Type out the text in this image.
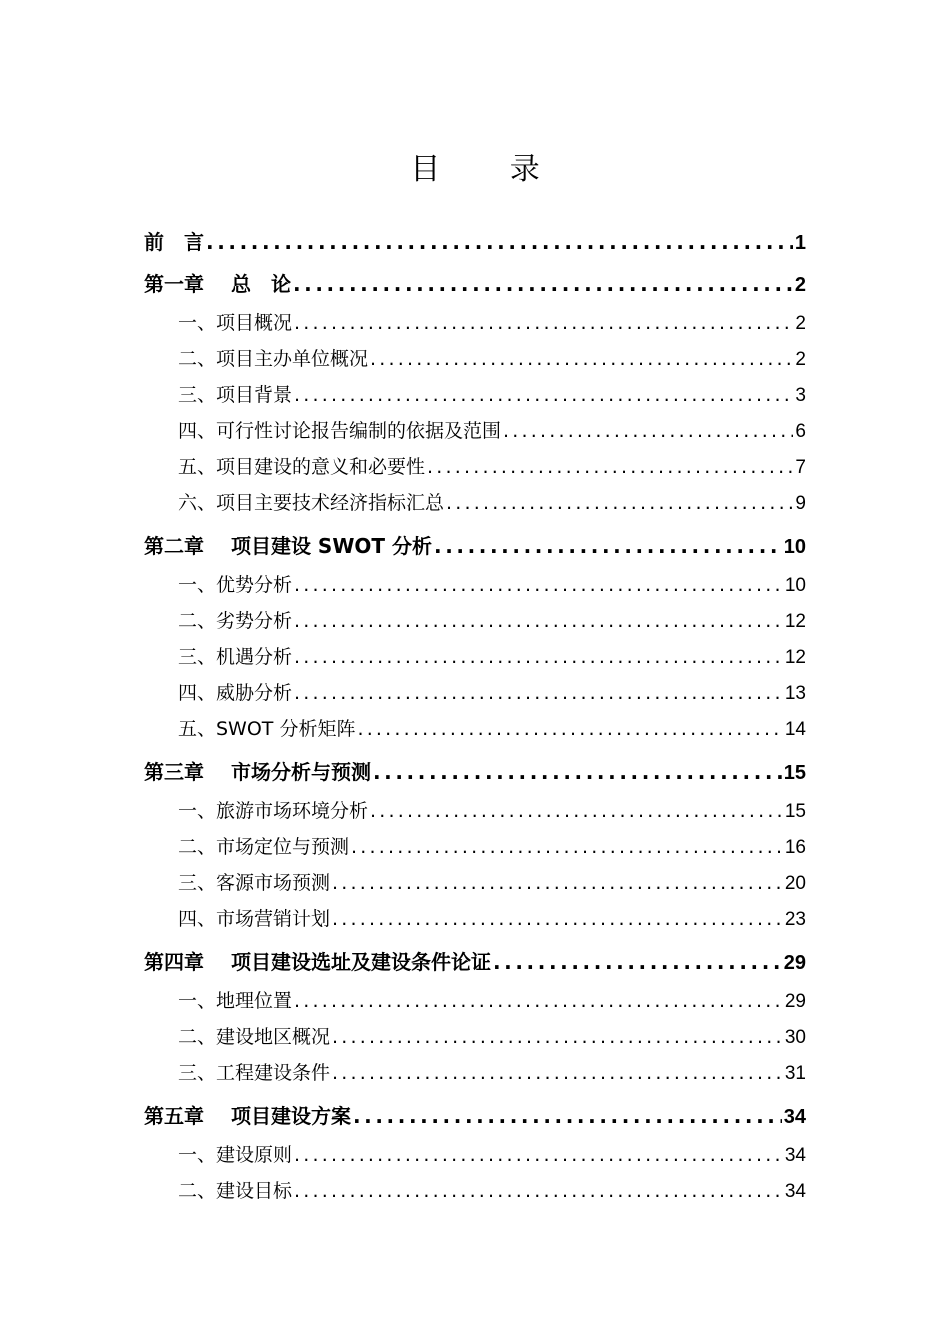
目 录
前　言 .....	1
第一章　 总　论 .....	2
一、项目概况 .....	2
二、项目主办单位概况 .....	2
三、项目背景 .....	3
四、可行性讨论报告编制的依据及范围 .....	6
五、项目建设的意义和必要性 .....	7
六、项目主要技术经济指标汇总 .....	9
第二章　 项目建设 SWOT 分析 .....	10
一、优势分析 .....	10
二、劣势分析 .....	12
三、机遇分析 .....	12
四、威胁分析 .....	13
五、SWOT 分析矩阵 .....	14
第三章　 市场分析与预测 .....	15
一、旅游市场环境分析 .....	15
二、市场定位与预测 .....	16
三、客源市场预测 .....	20
四、市场营销计划 .....	23
第四章　 项目建设选址及建设条件论证 .....	29
一、地理位置 .....	29
二、建设地区概况 .....	30
三、工程建设条件 .....	31
第五章　 项目建设方案 .....	34
一、建设原则 .....	34
二、建设目标 .....	34
